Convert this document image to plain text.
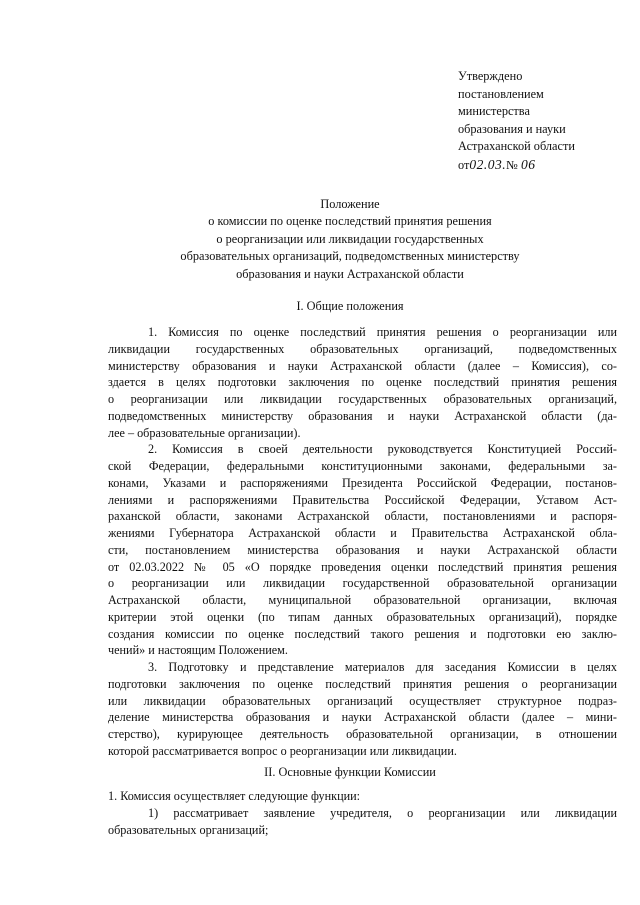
Утверждено
постановлением
министерства
образования и науки
Астраханской области
от02.03.№ 06
Положение
о комиссии по оценке последствий принятия решения
о реорганизации или ликвидации государственных
образовательных организаций, подведомственных министерству
образования и науки Астраханской области
I. Общие положения
1. Комиссия по оценке последствий принятия решения о реорганизации или
ликвидации государственных образовательных организаций, подведомственных
министерству образования и науки Астраханской области (далее – Комиссия), со-
здается в целях подготовки заключения по оценке последствий принятия решения
о реорганизации или ликвидации государственных образовательных организаций,
подведомственных министерству образования и науки Астраханской области (да-
лее – образовательные организации).
2. Комиссия в своей деятельности руководствуется Конституцией Россий-
ской Федерации, федеральными конституционными законами, федеральными за-
конами, Указами и распоряжениями Президента Российской Федерации, постанов-
лениями и распоряжениями Правительства Российской Федерации, Уставом Аст-
раханской области, законами Астраханской области, постановлениями и распоря-
жениями Губернатора Астраханской области и Правительства Астраханской обла-
сти, постановлением министерства образования и науки Астраханской области
от 02.03.2022 № 05 «О порядке проведения оценки последствий принятия решения
о реорганизации или ликвидации государственной образовательной организации
Астраханской области, муниципальной образовательной организации, включая
критерии этой оценки (по типам данных образовательных организаций), порядке
создания комиссии по оценке последствий такого решения и подготовки ею заклю-
чений» и настоящим Положением.
3. Подготовку и представление материалов для заседания Комиссии в целях
подготовки заключения по оценке последствий принятия решения о реорганизации
или ликвидации образовательных организаций осуществляет структурное подраз-
деление министерства образования и науки Астраханской области (далее – мини-
стерство), курирующее деятельность образовательной организации, в отношении
которой рассматривается вопрос о реорганизации или ликвидации.
II. Основные функции Комиссии
1. Комиссия осуществляет следующие функции:
1) рассматривает заявление учредителя, о реорганизации или ликвидации
образовательных организаций;
